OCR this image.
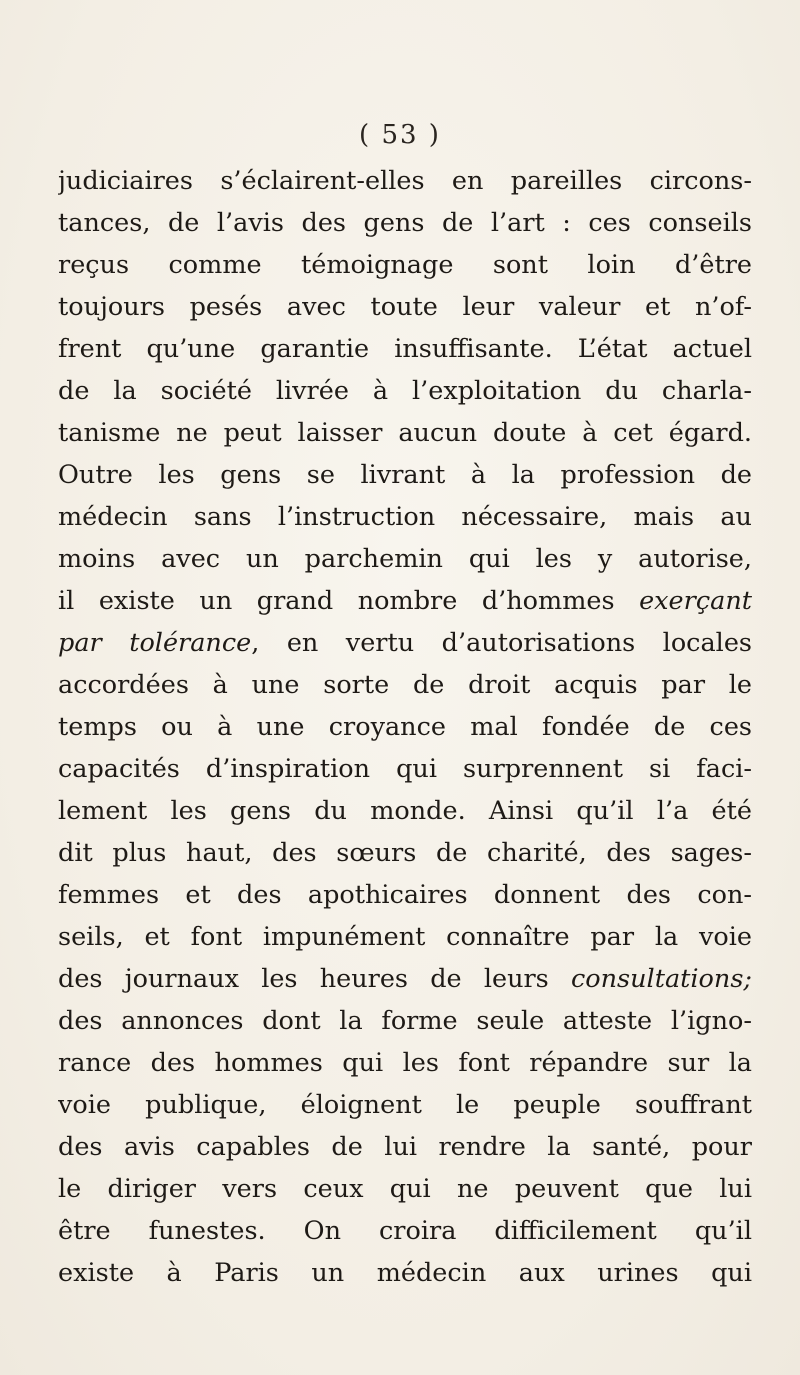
( 53 )
judiciaires s’éclairent-elles en pareilles circons-
tances, de l’avis des gens de l’art : ces conseils
reçus comme témoignage sont loin d’être
toujours pesés avec toute leur valeur et n’of-
frent qu’une garantie insuffisante. L’état actuel
de la société livrée à l’exploitation du charla-
tanisme ne peut laisser aucun doute à cet égard.
Outre les gens se livrant à la profession de
médecin sans l’instruction nécessaire, mais au
moins avec un parchemin qui les y autorise,
il existe un grand nombre d’hommes exerçant
par tolérance, en vertu d’autorisations locales
accordées à une sorte de droit acquis par le
temps ou à une croyance mal fondée de ces
capacités d’inspiration qui surprennent si faci-
lement les gens du monde. Ainsi qu’il l’a été
dit plus haut, des sœurs de charité, des sages-
femmes et des apothicaires donnent des con-
seils, et font impunément connaître par la voie
des journaux les heures de leurs consultations;
des annonces dont la forme seule atteste l’igno-
rance des hommes qui les font répandre sur la
voie publique, éloignent le peuple souffrant
des avis capables de lui rendre la santé, pour
le diriger vers ceux qui ne peuvent que lui
être funestes. On croira difficilement qu’il
existe à Paris un médecin aux urines qui
